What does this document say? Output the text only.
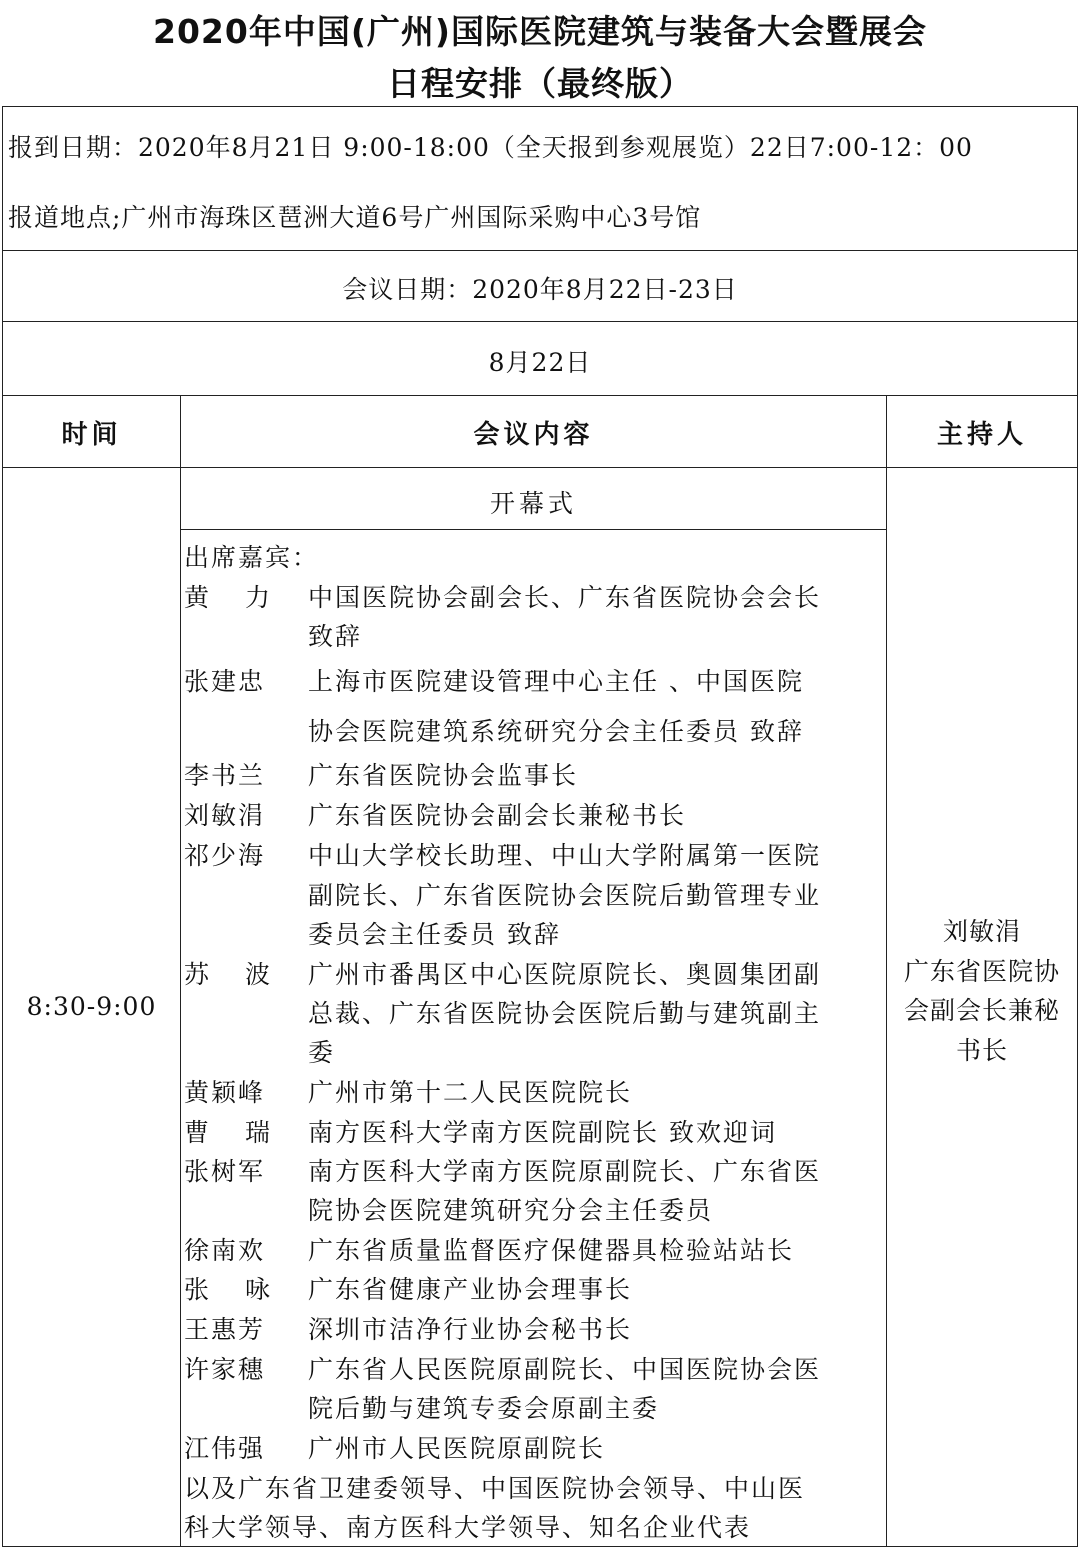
2020年中国(广州)国际医院建筑与装备大会暨展会
日程安排（最终版）
报到日期：2020年8月21日 9:00-18:00（全天报到参观展览）22日7:00-12：00
报道地点;广州市海珠区琶洲大道6号广州国际采购中心3号馆
会议日期：2020年8月22日-23日
8月22日
时间	会议内容	主持人
8:30-9:00
开幕式
出席嘉宾：
黄 力 中国医院协会副会长、广东省医院协会会长
致辞
张建忠 上海市医院建设管理中心主任 、中国医院
协会医院建筑系统研究分会主任委员 致辞
李书兰 广东省医院协会监事长
刘敏涓 广东省医院协会副会长兼秘书长
祁少海 中山大学校长助理、中山大学附属第一医院
副院长、广东省医院协会医院后勤管理专业
委员会主任委员 致辞
苏 波 广州市番禺区中心医院原院长、奥圆集团副
总裁、广东省医院协会医院后勤与建筑副主
委
黄颖峰 广州市第十二人民医院院长
曹 瑞 南方医科大学南方医院副院长 致欢迎词
张树军 南方医科大学南方医院原副院长、广东省医
院协会医院建筑研究分会主任委员
徐南欢 广东省质量监督医疗保健器具检验站站长
张 咏 广东省健康产业协会理事长
王惠芳 深圳市洁净行业协会秘书长
许家穗 广东省人民医院原副院长、中国医院协会医
院后勤与建筑专委会原副主委
江伟强 广州市人民医院原副院长
以及广东省卫建委领导、中国医院协会领导、中山医
科大学领导、南方医科大学领导、知名企业代表
刘敏涓
广东省医院协
会副会长兼秘
书长
